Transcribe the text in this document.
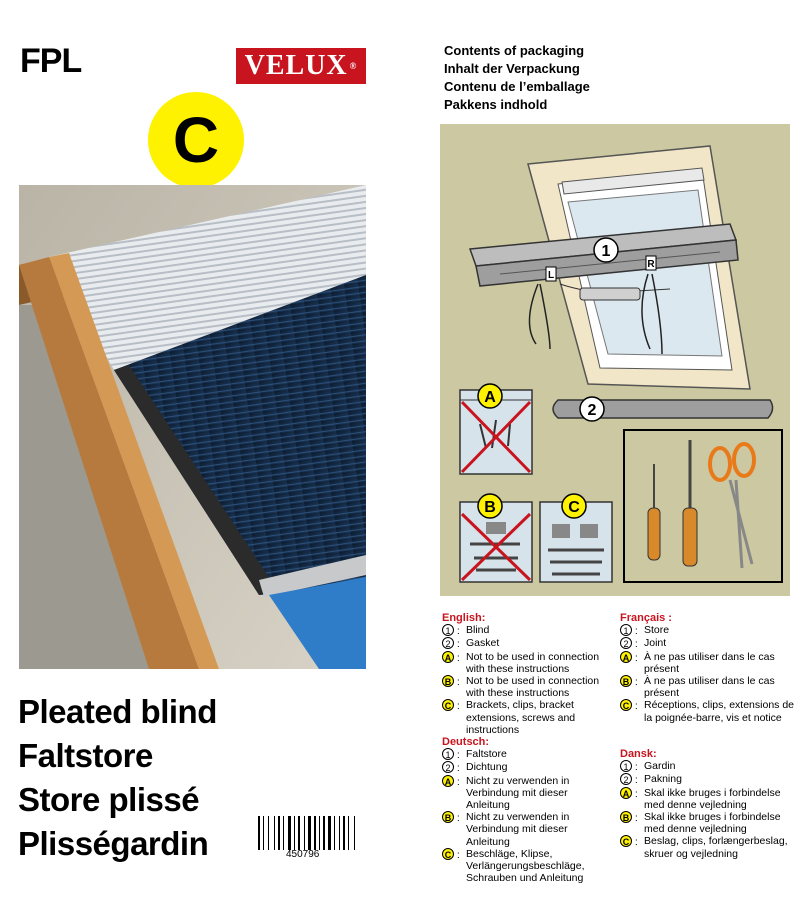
FPL	VELUX ®
C
Pleated blind
Faltstore
Store plissé
Plisségardin	450796
Contents of packaging
Inhalt der Verpackung
Contenu de l’emballage
Pakkens indhold
1
L
R
2
A
B	C
English:
1 : Blind
2 : Gasket
A : Not to be used in connection with these instructions
B : Not to be used in connection with these instructions
C : Brackets, clips, bracket extensions, screws and instructions
Français :
1 : Store
2 : Joint
A : À ne pas utiliser dans le cas présent
B : À ne pas utiliser dans le cas présent
C : Réceptions, clips, extensions de la poignée-barre, vis et notice
Deutsch:
1 : Faltstore
2 : Dichtung
A : Nicht zu verwenden in Verbindung mit dieser Anleitung
B : Nicht zu verwenden in Verbindung mit dieser Anleitung
C : Beschläge, Klipse, Verlängerungsbeschläge, Schrauben und Anleitung
Dansk:
1 : Gardin
2 : Pakning
A : Skal ikke bruges i forbindelse med denne vejledning
B : Skal ikke bruges i forbindelse med denne vejledning
C : Beslag, clips, forlængerbeslag, skruer og vejledning
